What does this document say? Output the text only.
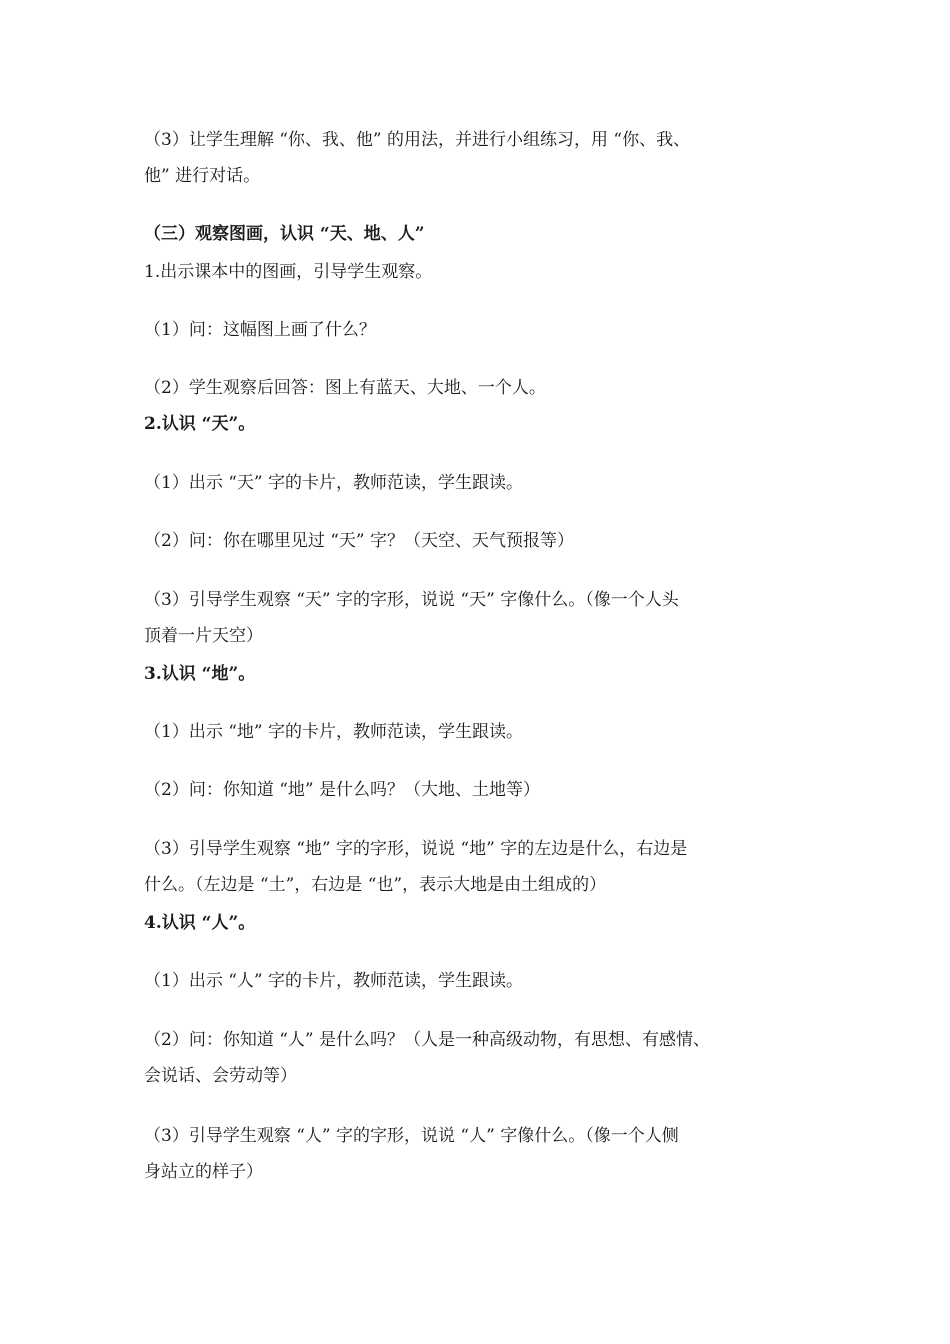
（3）让学生理解 “你、我、他” 的用法，并进行小组练习，用 “你、我、
他” 进行对话。
（三）观察图画，认识 “天、地、人”
1.出示课本中的图画，引导学生观察。
（1）问：这幅图上画了什么？
（2）学生观察后回答：图上有蓝天、大地、一个人。
2.认识 “天”。
（1）出示 “天” 字的卡片，教师范读，学生跟读。
（2）问：你在哪里见过 “天” 字？（天空、天气预报等）
（3）引导学生观察 “天” 字的字形，说说 “天” 字像什么。（像一个人头
顶着一片天空）
3.认识 “地”。
（1）出示 “地” 字的卡片，教师范读，学生跟读。
（2）问：你知道 “地” 是什么吗？（大地、土地等）
（3）引导学生观察 “地” 字的字形，说说 “地” 字的左边是什么，右边是
什么。（左边是 “土”，右边是 “也”，表示大地是由土组成的）
4.认识 “人”。
（1）出示 “人” 字的卡片，教师范读，学生跟读。
（2）问：你知道 “人” 是什么吗？（人是一种高级动物，有思想、有感情、
会说话、会劳动等）
（3）引导学生观察 “人” 字的字形，说说 “人” 字像什么。（像一个人侧
身站立的样子）
